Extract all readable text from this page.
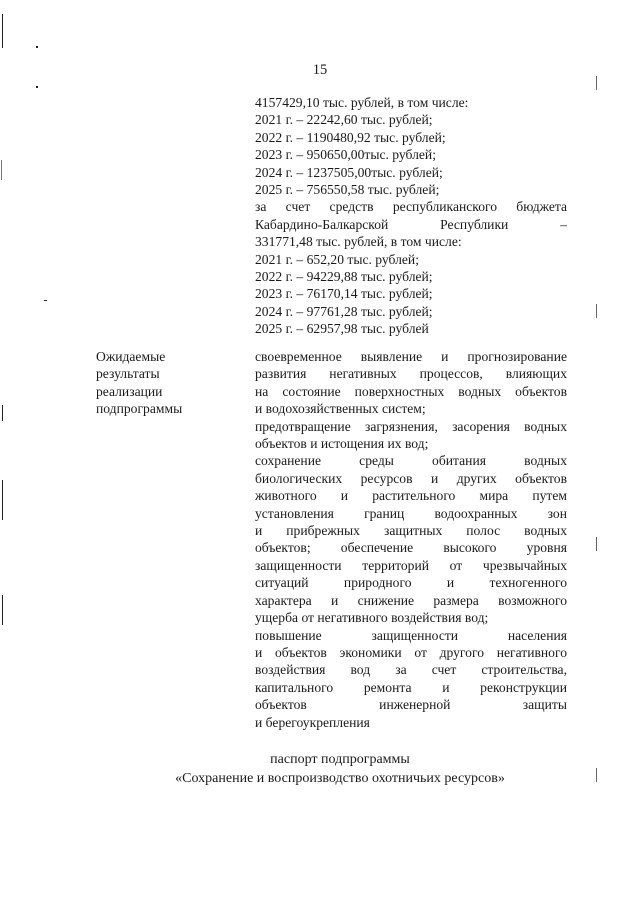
15
4157429,10 тыс. рублей, в том числе:
2021 г. – 22242,60 тыс. рублей;
2022 г. – 1190480,92 тыс. рублей;
2023 г. – 950650,00тыс. рублей;
2024 г. – 1237505,00тыс. рублей;
2025 г. – 756550,58 тыс. рублей;
за счет средств республиканского бюджета
Кабардино-Балкарской	Республики	–
331771,48 тыс. рублей, в том числе:
2021 г. – 652,20 тыс. рублей;
2022 г. – 94229,88 тыс. рублей;
2023 г. – 76170,14 тыс. рублей;
2024 г. – 97761,28 тыс. рублей;
2025 г. – 62957,98 тыс. рублей
Ожидаемые
результаты
реализации
подпрограммы
своевременное выявление и прогнозирование
развития негативных процессов, влияющих
на состояние поверхностных водных объектов
и водохозяйственных систем;
предотвращение загрязнения, засорения водных
объектов и истощения их вод;
сохранение среды обитания водных
биологических ресурсов и других объектов
животного и растительного мира путем
установления границ водоохранных зон
и прибрежных защитных полос водных
объектов; обеспечение высокого уровня
защищенности территорий от чрезвычайных
ситуаций природного и техногенного
характера и снижение размера возможного
ущерба от негативного воздействия вод;
повышение защищенности населения
и объектов экономики от другого негативного
воздействия вод за счет строительства,
капитального ремонта и реконструкции
объектов инженерной защиты
и берегоукрепления
паспорт подпрограммы
«Сохранение и воспроизводство охотничьих ресурсов»
